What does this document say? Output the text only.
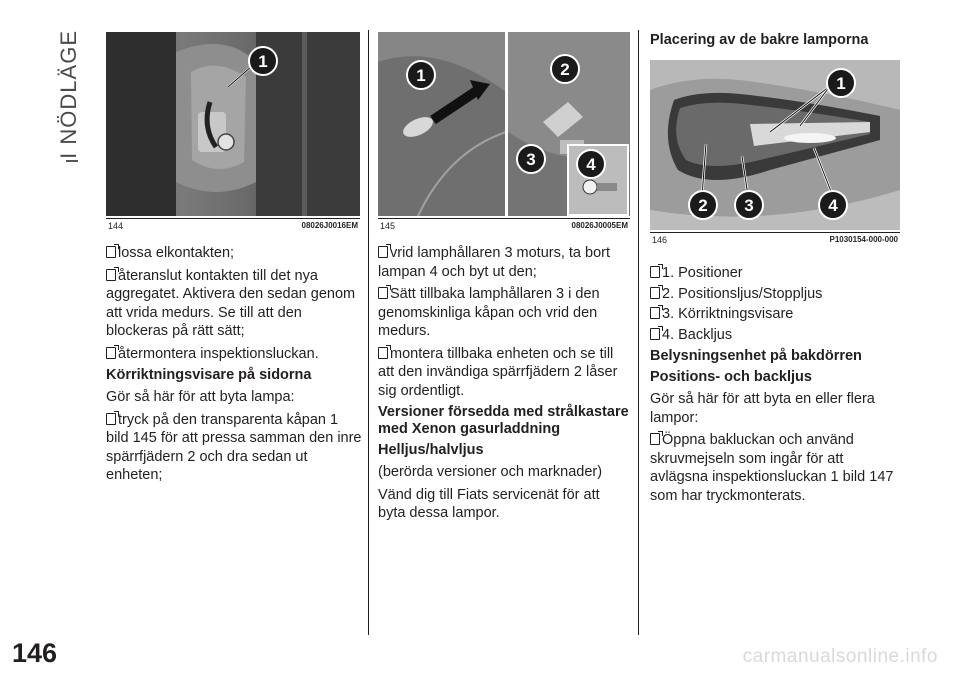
I NÖDLÄGE
146
1
144	08026J0016EM
1	2
3	4
145	08026J0005EM

lossa elkontakten;

återanslut kontakten till det nya aggregatet. Aktivera den sedan genom att vrida medurs. Se till att den blockeras på rätt sätt;

återmontera inspektionsluckan.

Körriktningsvisare på sidorna

Gör så här för att byta lampa:

tryck på den transparenta kåpan 1 bild 145 för att pressa samman den inre spärrfjädern 2 och dra sedan ut enheten;

vrid lamphållaren 3 moturs, ta bort lampan 4 och byt ut den;

Sätt tillbaka lamphållaren 3 i den genomskinliga kåpan och vrid den medurs.

montera tillbaka enheten och se till att den invändiga spärrfjädern 2 låser sig ordentligt.

Versioner försedda med strålkastare med Xenon gasurladdning
Helljus/halvljus

(berörda versioner och marknader)

Vänd dig till Fiats servicenät för att byta dessa lampor.

Placering av de bakre lamporna
1
2 3	4
146	P1030154-000-000

1. Positioner

2. Positionsljus/Stoppljus

3. Körriktningsvisare

4. Backljus

Belysningsenhet på bakdörren
Positions- och backljus

Gör så här för att byta en eller flera lampor:

Öppna bakluckan och använd skruvmejseln som ingår för att avlägsna inspektionsluckan 1 bild 147 som har tryckmonterats.

carmanualsonline.info
